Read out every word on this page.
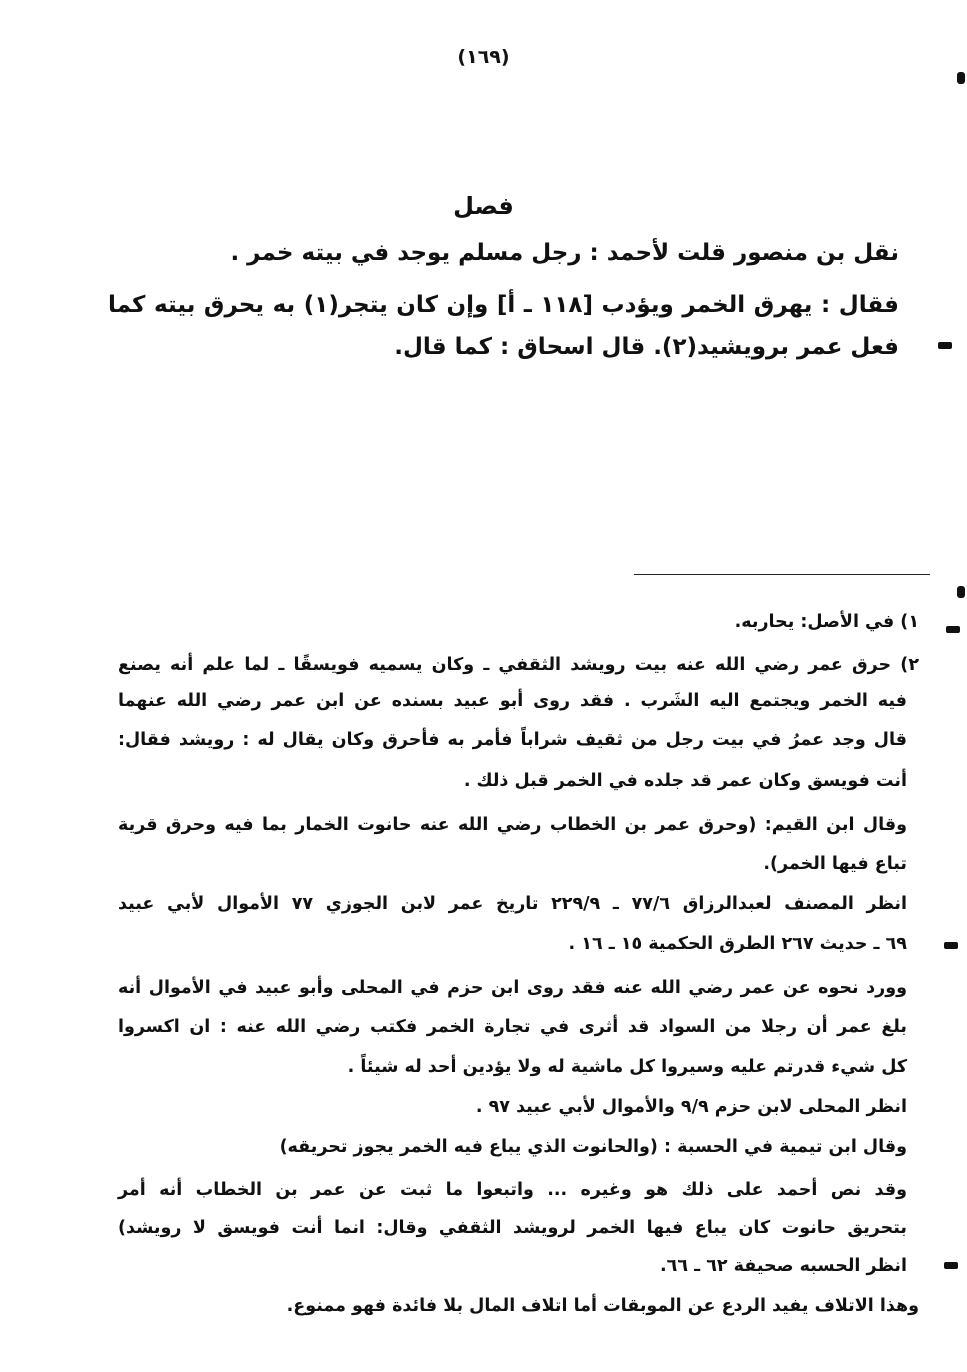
(١٦٩)
فصل
نقل بن منصور قلت لأحمد : رجل مسلم يوجد في بيته خمر .
فقال : يهرق الخمر ويؤدب [١١٨ ـ أ] وإن كان يتجر(١) به يحرق بيته كما
فعل عمر برويشيد(٢). قال اسحاق : كما قال.
١) في الأصل: يحاربه.
٢) حرق عمر رضي الله عنه بيت رويشد الثقفي ـ وكان يسميه فويسقًا ـ لما علم أنه يصنع
فيه الخمر ويجتمع اليه الشَرب . فقد روى أبو عبيد بسنده عن ابن عمر رضي الله عنهما
قال وجد عمرُ في بيت رجل من ثقيف شراباً فأمر به فأحرق وكان يقال له : رويشد فقال:
أنت فويسق وكان عمر قد جلده في الخمر قبل ذلك .
وقال ابن القيم: (وحرق عمر بن الخطاب رضي الله عنه حانوت الخمار بما فيه وحرق قرية
تباع فيها الخمر).
انظر المصنف لعبدالرزاق ٧٧/٦ ـ ٢٢٩/٩ تاريخ عمر لابن الجوزي ٧٧ الأموال لأبي عبيد
٦٩ ـ حديث ٢٦٧ الطرق الحكمية ١٥ ـ ١٦ .
وورد نحوه عن عمر رضي الله عنه فقد روى ابن حزم في المحلى وأبو عبيد في الأموال أنه
بلغ عمر أن رجلا من السواد قد أثرى في تجارة الخمر فكتب رضي الله عنه : ان اكسروا
كل شيء قدرتم عليه وسيروا كل ماشية له ولا يؤدين أحد له شيئاً .
انظر المحلى لابن حزم ٩/٩ والأموال لأبي عبيد ٩٧ .
وقال ابن تيمية في الحسبة : (والحانوت الذي يباع فيه الخمر يجوز تحريقه)
وقد نص أحمد على ذلك هو وغيره ... واتبعوا ما ثبت عن عمر بن الخطاب أنه أمر
بتحريق حانوت كان يباع فيها الخمر لرويشد الثقفي وقال: انما أنت فويسق لا رويشد)
انظر الحسبه صحيفة ٦٢ ـ ٦٦.
وهذا الاتلاف يفيد الردع عن الموبقات أما اتلاف المال بلا فائدة فهو ممنوع.
